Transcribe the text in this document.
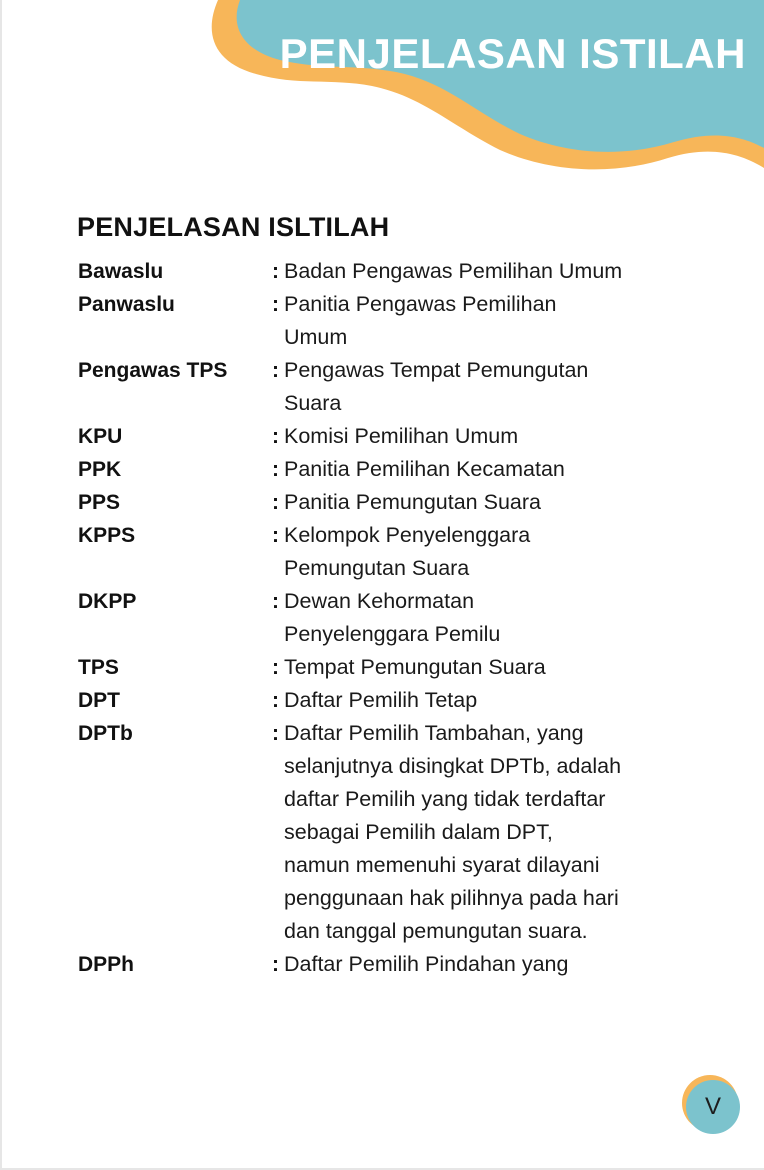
PENJELASAN ISTILAH
PENJELASAN ISLTILAH
Bawaslu	: Badan Pengawas Pemilihan Umum
Panwaslu	: Panitia Pengawas Pemilihan Umum
Pengawas TPS	: Pengawas Tempat Pemungutan Suara
KPU	: Komisi Pemilihan Umum
PPK	: Panitia Pemilihan Kecamatan
PPS	: Panitia Pemungutan Suara
KPPS	: Kelompok Penyelenggara Pemungutan Suara
DKPP	: Dewan Kehormatan Penyelenggara Pemilu
TPS	: Tempat Pemungutan Suara
DPT	: Daftar Pemilih Tetap
DPTb	: Daftar Pemilih Tambahan, yang selanjutnya disingkat DPTb, adalah daftar Pemilih yang tidak terdaftar sebagai Pemilih dalam DPT, namun memenuhi syarat dilayani penggunaan hak pilihnya pada hari dan tanggal pemungutan suara.
DPPh	: Daftar Pemilih Pindahan yang
V
